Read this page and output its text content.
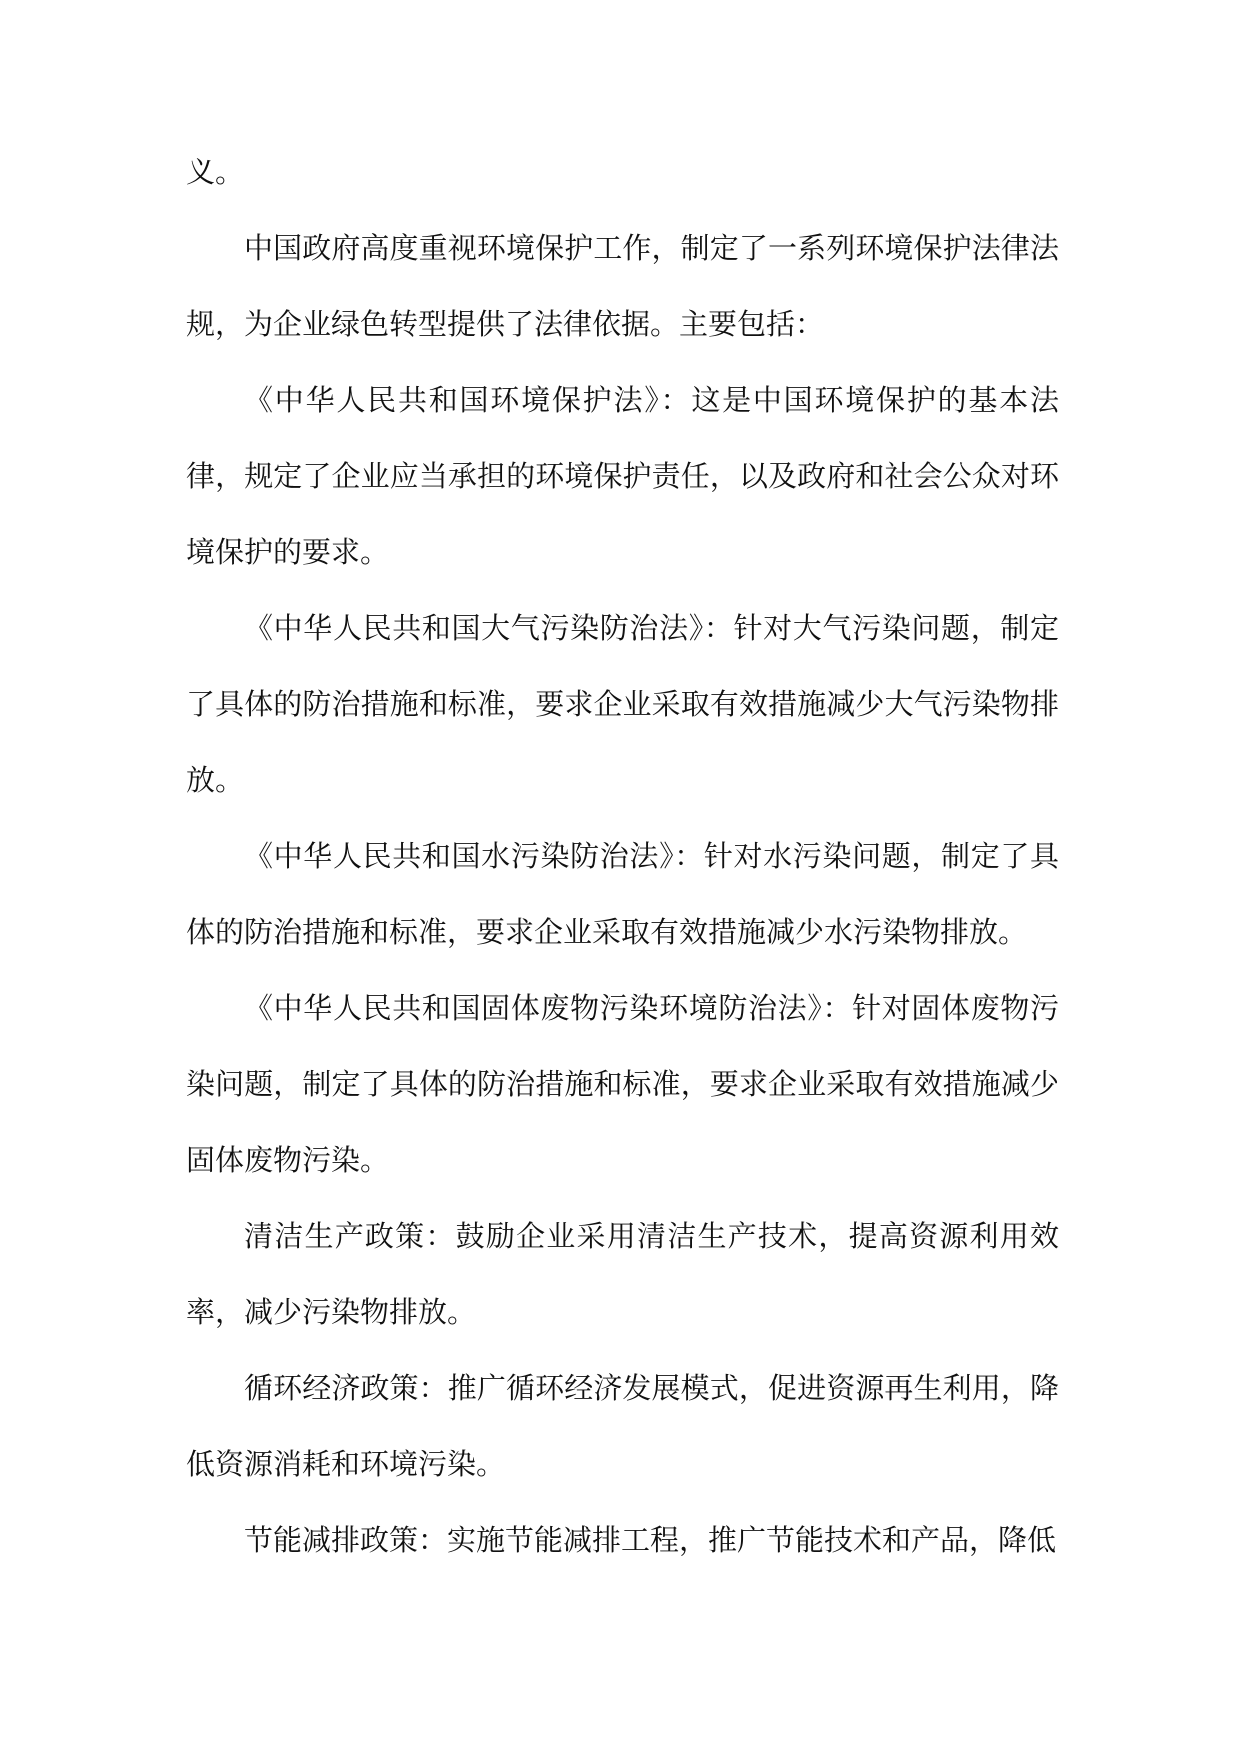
义。

中国政府高度重视环境保护工作，制定了一系列环境保护法律法规，为企业绿色转型提供了法律依据。主要包括：

《中华人民共和国环境保护法》：这是中国环境保护的基本法律，规定了企业应当承担的环境保护责任，以及政府和社会公众对环境保护的要求。

《中华人民共和国大气污染防治法》：针对大气污染问题，制定了具体的防治措施和标准，要求企业采取有效措施减少大气污染物排放。

《中华人民共和国水污染防治法》：针对水污染问题，制定了具体的防治措施和标准，要求企业采取有效措施减少水污染物排放。

《中华人民共和国固体废物污染环境防治法》：针对固体废物污染问题，制定了具体的防治措施和标准，要求企业采取有效措施减少固体废物污染。

清洁生产政策：鼓励企业采用清洁生产技术，提高资源利用效率，减少污染物排放。

循环经济政策：推广循环经济发展模式，促进资源再生利用，降低资源消耗和环境污染。

节能减排政策：实施节能减排工程，推广节能技术和产品，降低
